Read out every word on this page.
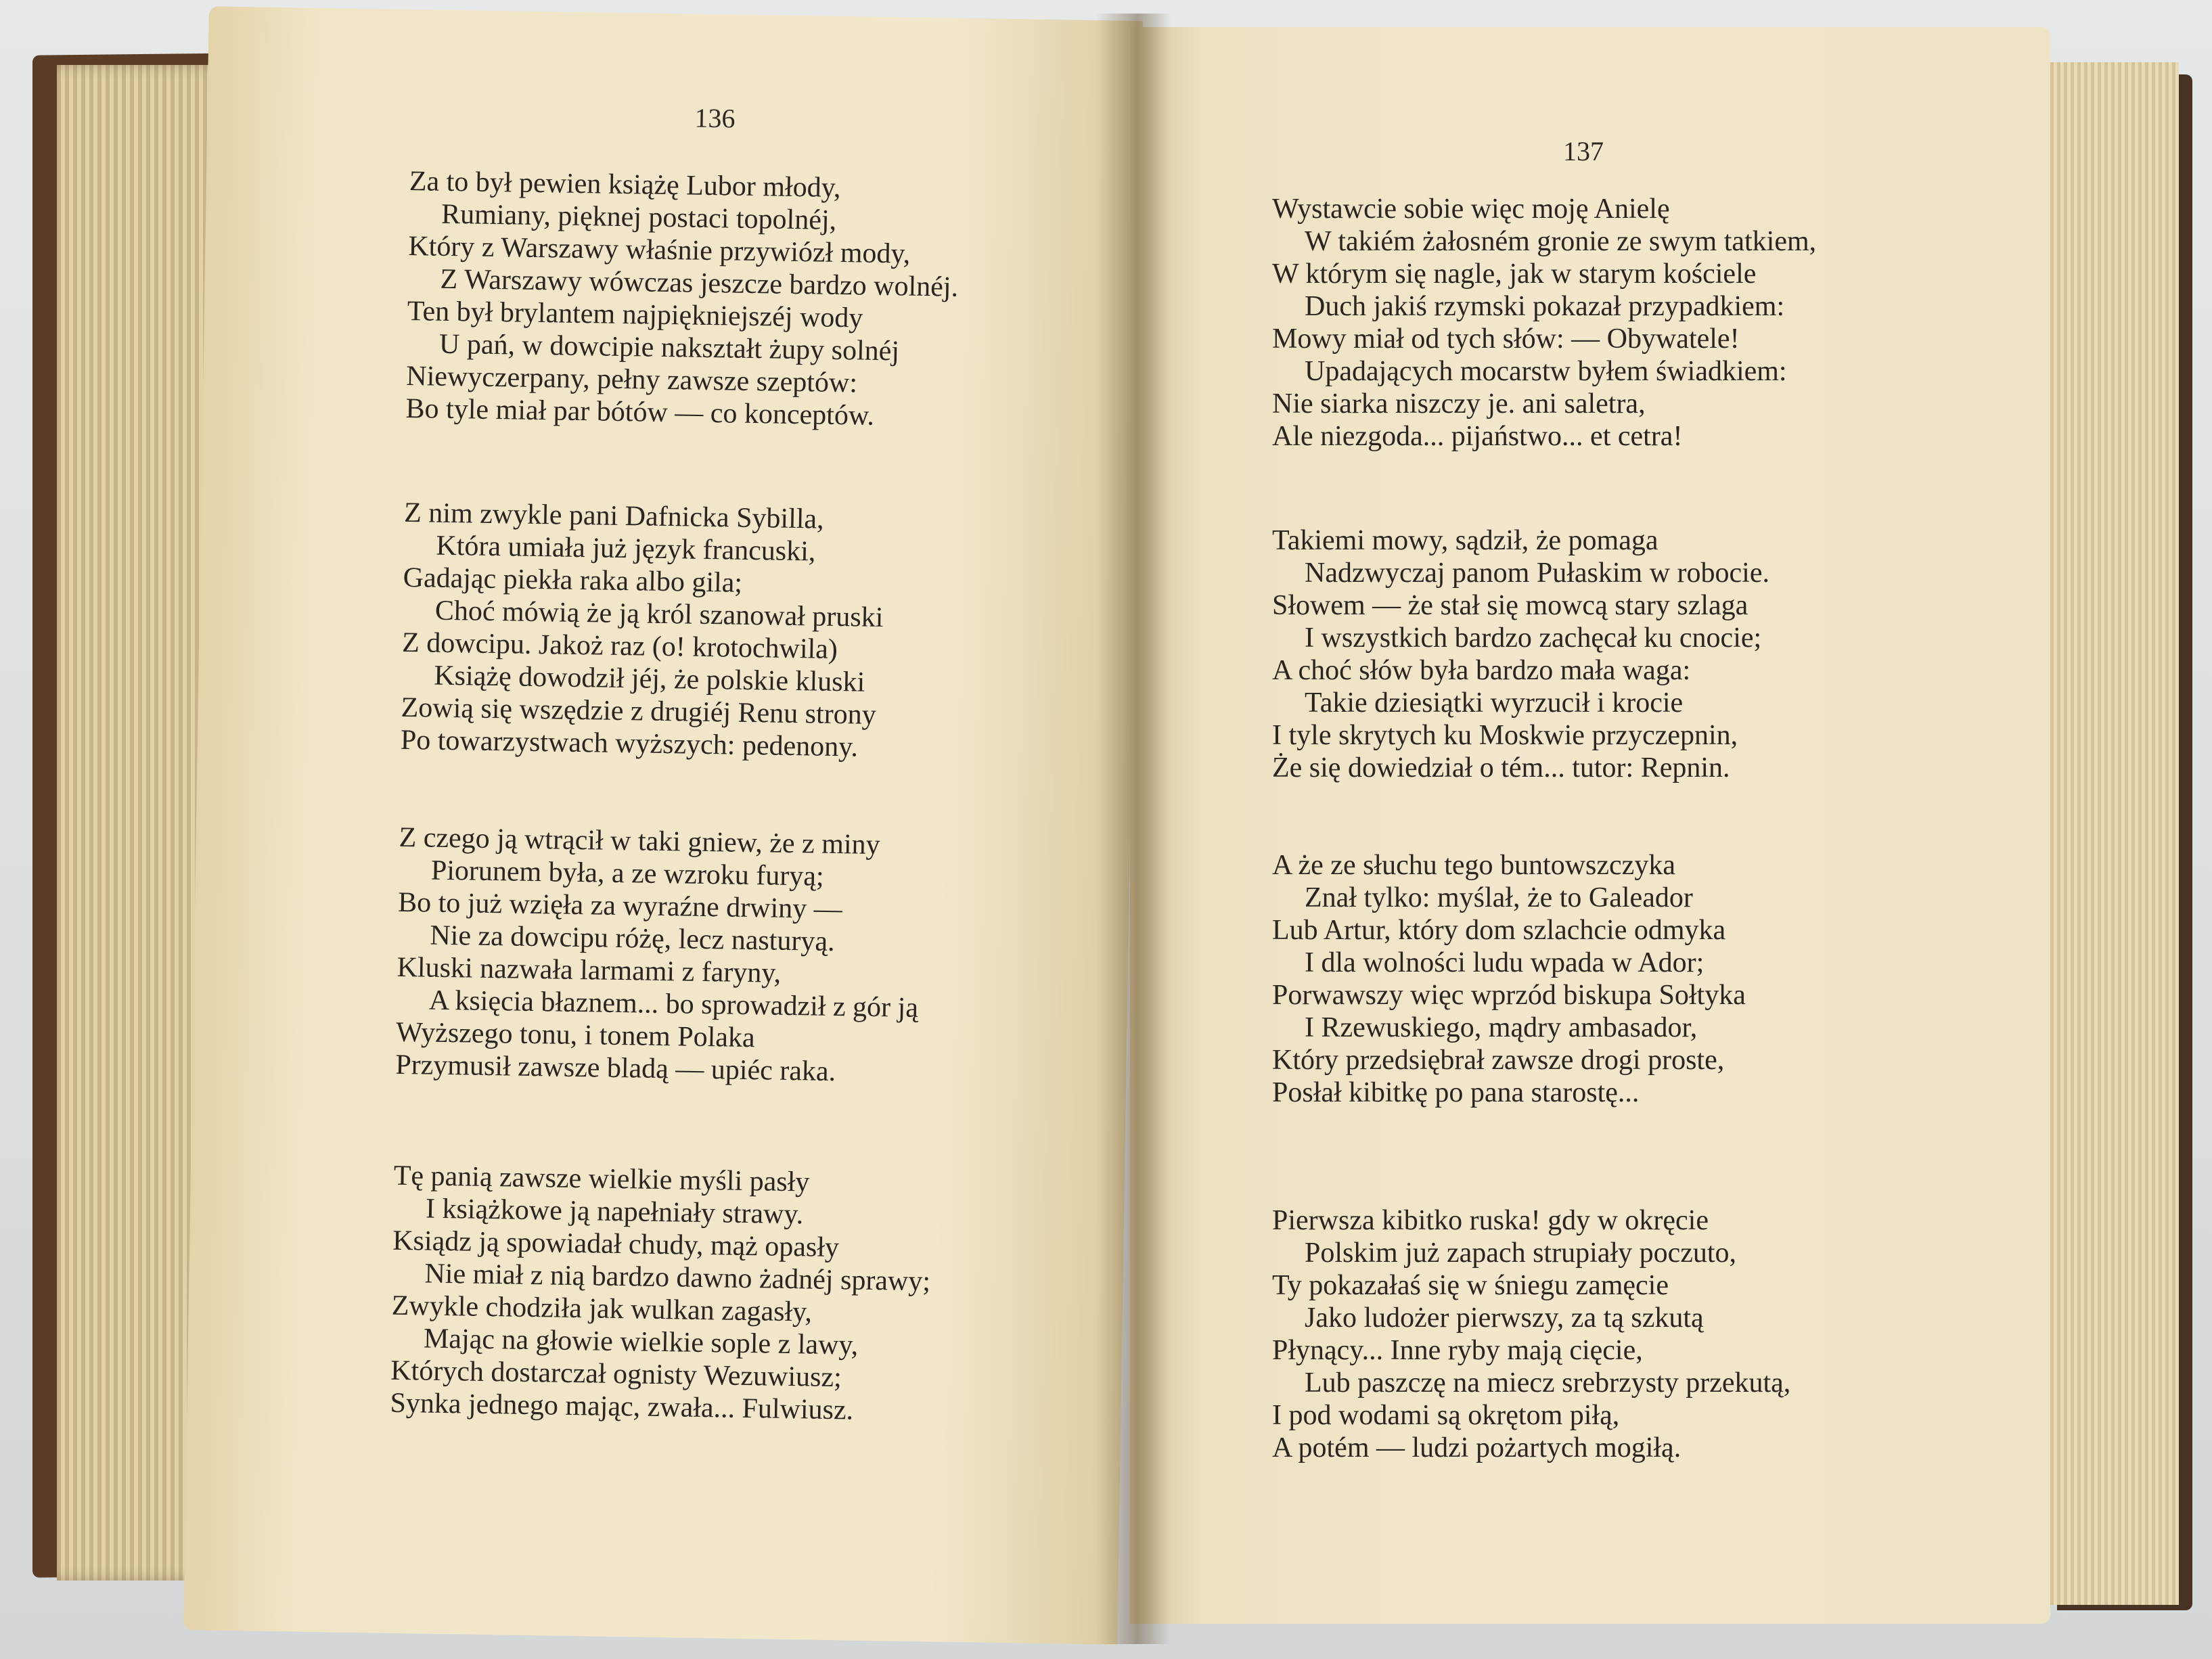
136
Za to był pewien książę Lubor młody,
Rumiany, pięknej postaci topolnéj,
Który z Warszawy właśnie przywiózł mody,
Z Warszawy wówczas jeszcze bardzo wolnéj.
Ten był brylantem najpiękniejszéj wody
U pań, w dowcipie nakształt żupy solnéj
Niewyczerpany, pełny zawsze szeptów:
Bo tyle miał par bótów — co konceptów.
Z nim zwykle pani Dafnicka Sybilla,
Która umiała już język francuski,
Gadając piekła raka albo gila;
Choć mówią że ją król szanował pruski
Z dowcipu. Jakoż raz (o! krotochwila)
Książę dowodził jéj, że polskie kluski
Zowią się wszędzie z drugiéj Renu strony
Po towarzystwach wyższych: pedenony.
Z czego ją wtrącił w taki gniew, że z miny
Piorunem była, a ze wzroku furyą;
Bo to już wzięła za wyraźne drwiny —
Nie za dowcipu różę, lecz nasturyą.
Kluski nazwała larmami z faryny,
A księcia błaznem... bo sprowadził z gór ją
Wyższego tonu, i tonem Polaka
Przymusił zawsze bladą — upiéc raka.
Tę panią zawsze wielkie myśli pasły
I książkowe ją napełniały strawy.
Ksiądz ją spowiadał chudy, mąż opasły
Nie miał z nią bardzo dawno żadnéj sprawy;
Zwykle chodziła jak wulkan zagasły,
Mając na głowie wielkie sople z lawy,
Których dostarczał ognisty Wezuwiusz;
Synka jednego mając, zwała... Fulwiusz.
137
Wystawcie sobie więc moję Anielę
W takiém żałosném gronie ze swym tatkiem,
W którym się nagle, jak w starym kościele
Duch jakiś rzymski pokazał przypadkiem:
Mowy miał od tych słów: — Obywatele!
Upadających mocarstw byłem świadkiem:
Nie siarka niszczy je. ani saletra,
Ale niezgoda... pijaństwo... et cetra!
Takiemi mowy, sądził, że pomaga
Nadzwyczaj panom Pułaskim w robocie.
Słowem — że stał się mowcą stary szlaga
I wszystkich bardzo zachęcał ku cnocie;
A choć słów była bardzo mała waga:
Takie dziesiątki wyrzucił i krocie
I tyle skrytych ku Moskwie przyczepnin,
Że się dowiedział o tém... tutor: Repnin.
A że ze słuchu tego buntowszczyka
Znał tylko: myślał, że to Galeador
Lub Artur, który dom szlachcie odmyka
I dla wolności ludu wpada w Ador;
Porwawszy więc wprzód biskupa Sołtyka
I Rzewuskiego, mądry ambasador,
Który przedsiębrał zawsze drogi proste,
Posłał kibitkę po pana starostę...
Pierwsza kibitko ruska! gdy w okręcie
Polskim już zapach strupiały poczuto,
Ty pokazałaś się w śniegu zamęcie
Jako ludożer pierwszy, za tą szkutą
Płynący... Inne ryby mają cięcie,
Lub paszczę na miecz srebrzysty przekutą,
I pod wodami są okrętom piłą,
A potém — ludzi pożartych mogiłą.
